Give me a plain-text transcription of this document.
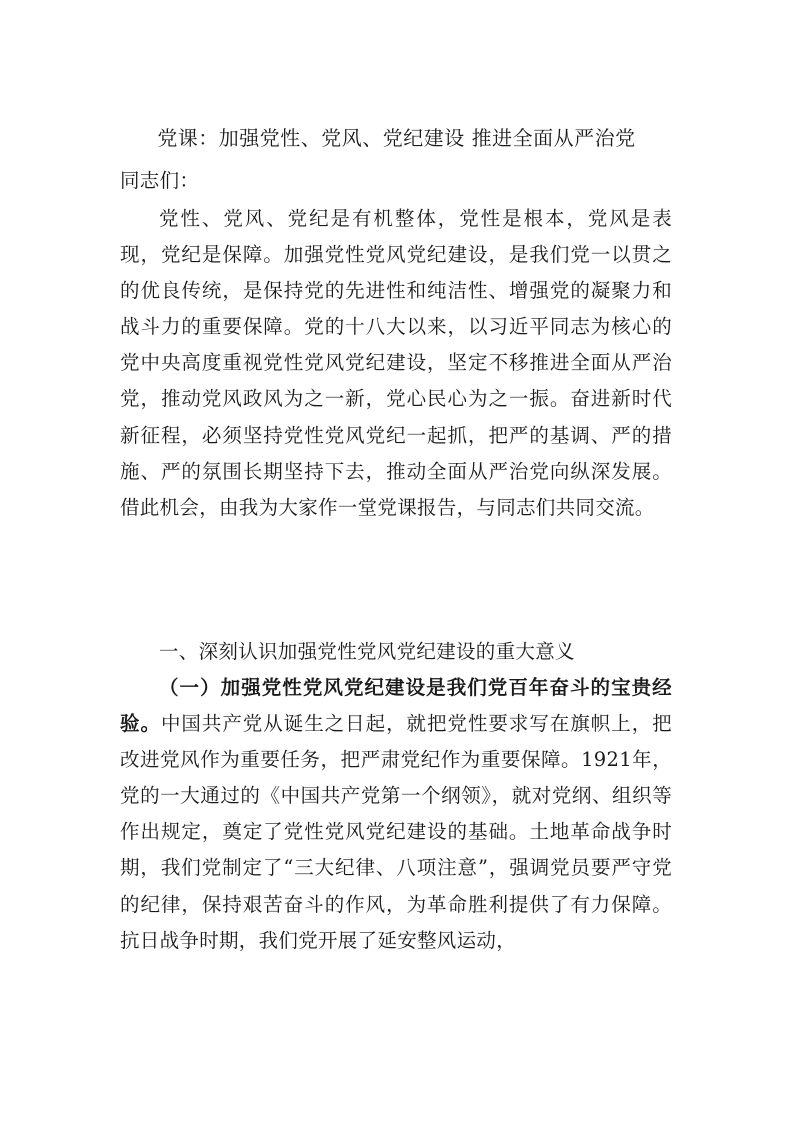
党课：加强党性、党风、党纪建设 推进全面从严治党
同志们：
党性、党风、党纪是有机整体，党性是根本，党风是表现，党纪是保障。加强党性党风党纪建设，是我们党一以贯之的优良传统，是保持党的先进性和纯洁性、增强党的凝聚力和战斗力的重要保障。党的十八大以来，以习近平同志为核心的党中央高度重视党性党风党纪建设，坚定不移推进全面从严治党，推动党风政风为之一新，党心民心为之一振。奋进新时代新征程，必须坚持党性党风党纪一起抓，把严的基调、严的措施、严的氛围长期坚持下去，推动全面从严治党向纵深发展。借此机会，由我为大家作一堂党课报告，与同志们共同交流。
一、深刻认识加强党性党风党纪建设的重大意义
（一）加强党性党风党纪建设是我们党百年奋斗的宝贵经验。中国共产党从诞生之日起，就把党性要求写在旗帜上，把改进党风作为重要任务，把严肃党纪作为重要保障。1921年，党的一大通过的《中国共产党第一个纲领》，就对党纲、组织等作出规定，奠定了党性党风党纪建设的基础。土地革命战争时期，我们党制定了“三大纪律、八项注意”，强调党员要严守党的纪律，保持艰苦奋斗的作风，为革命胜利提供了有力保障。抗日战争时期，我们党开展了延安整风运动，
